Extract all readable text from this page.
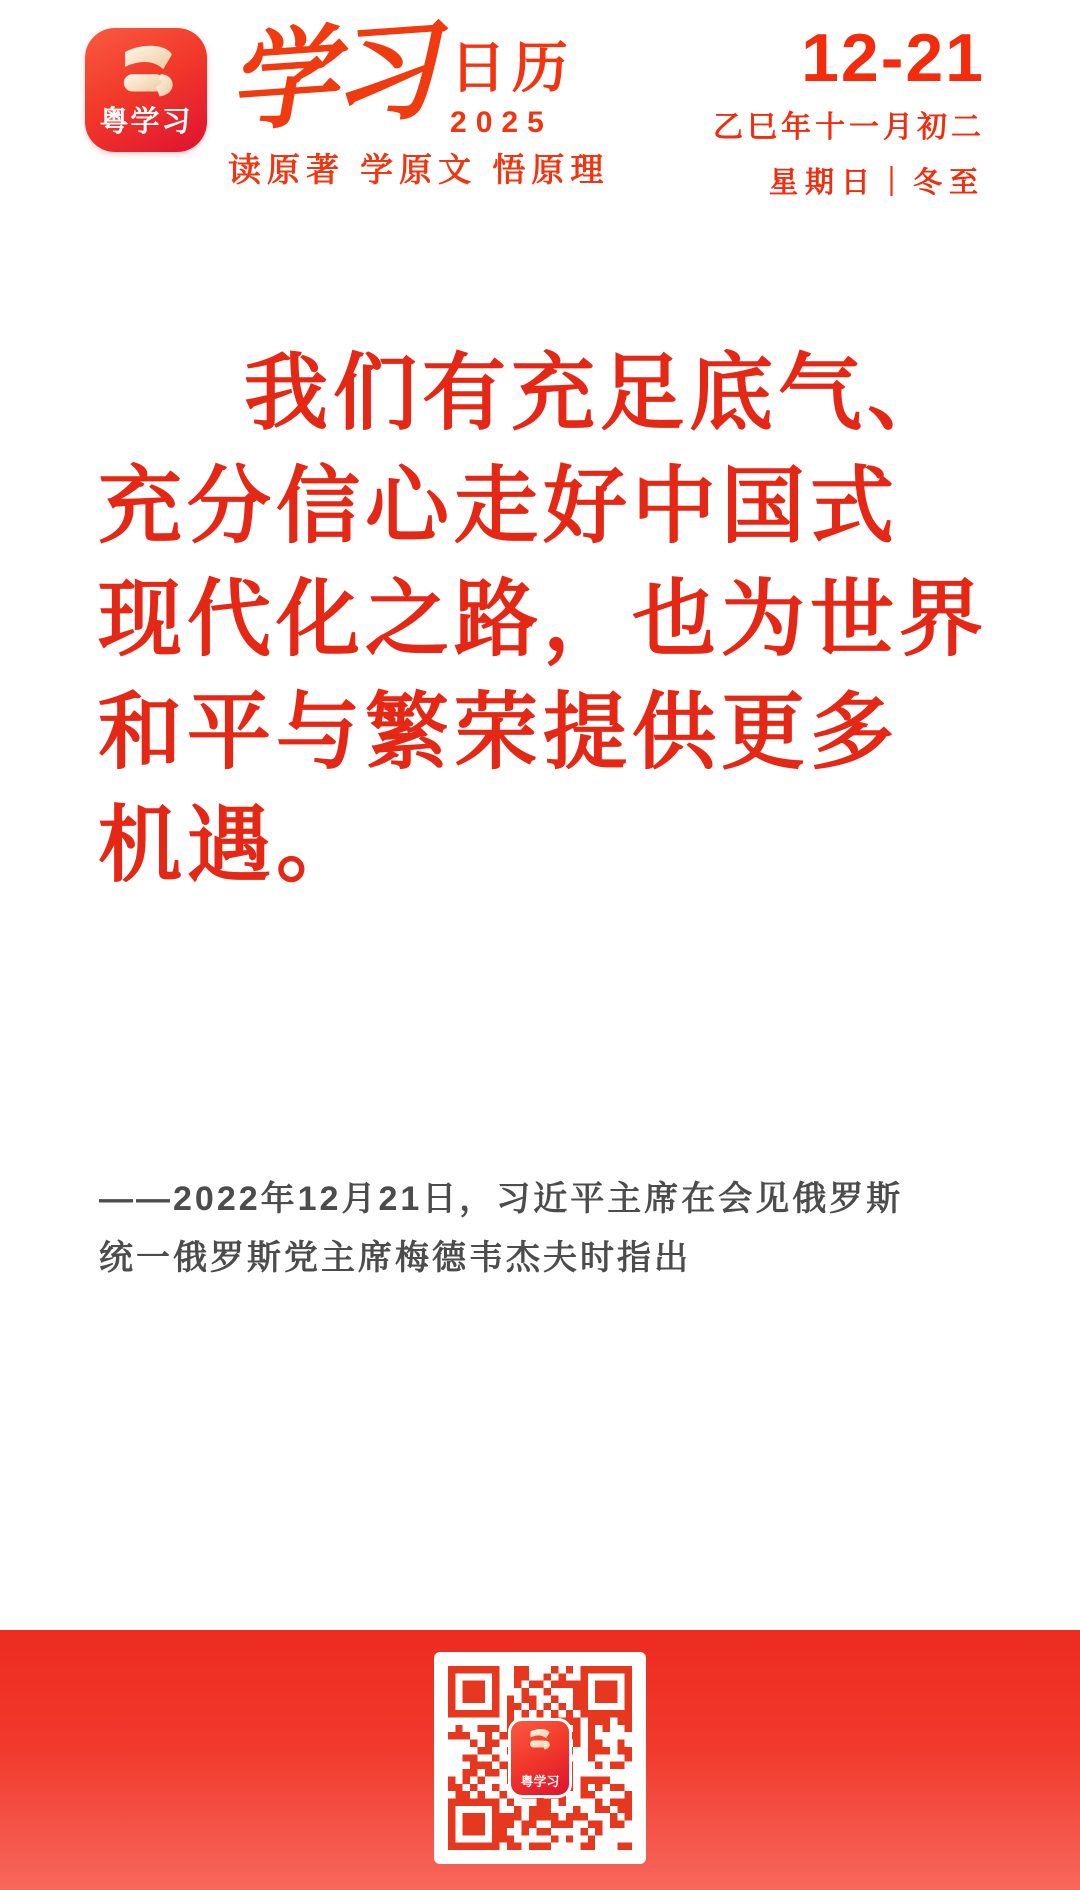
粤学习 学习 日历
2025
读原著 学原文 悟原理
12-21
乙巳年十一月初二
星期日｜冬至
我们有充足底气、
充分信心走好中国式
现代化之路，也为世界
和平与繁荣提供更多
机遇。
——2022年12月21日，习近平主席在会见俄罗斯
统一俄罗斯党主席梅德韦杰夫时指出
粤学习
